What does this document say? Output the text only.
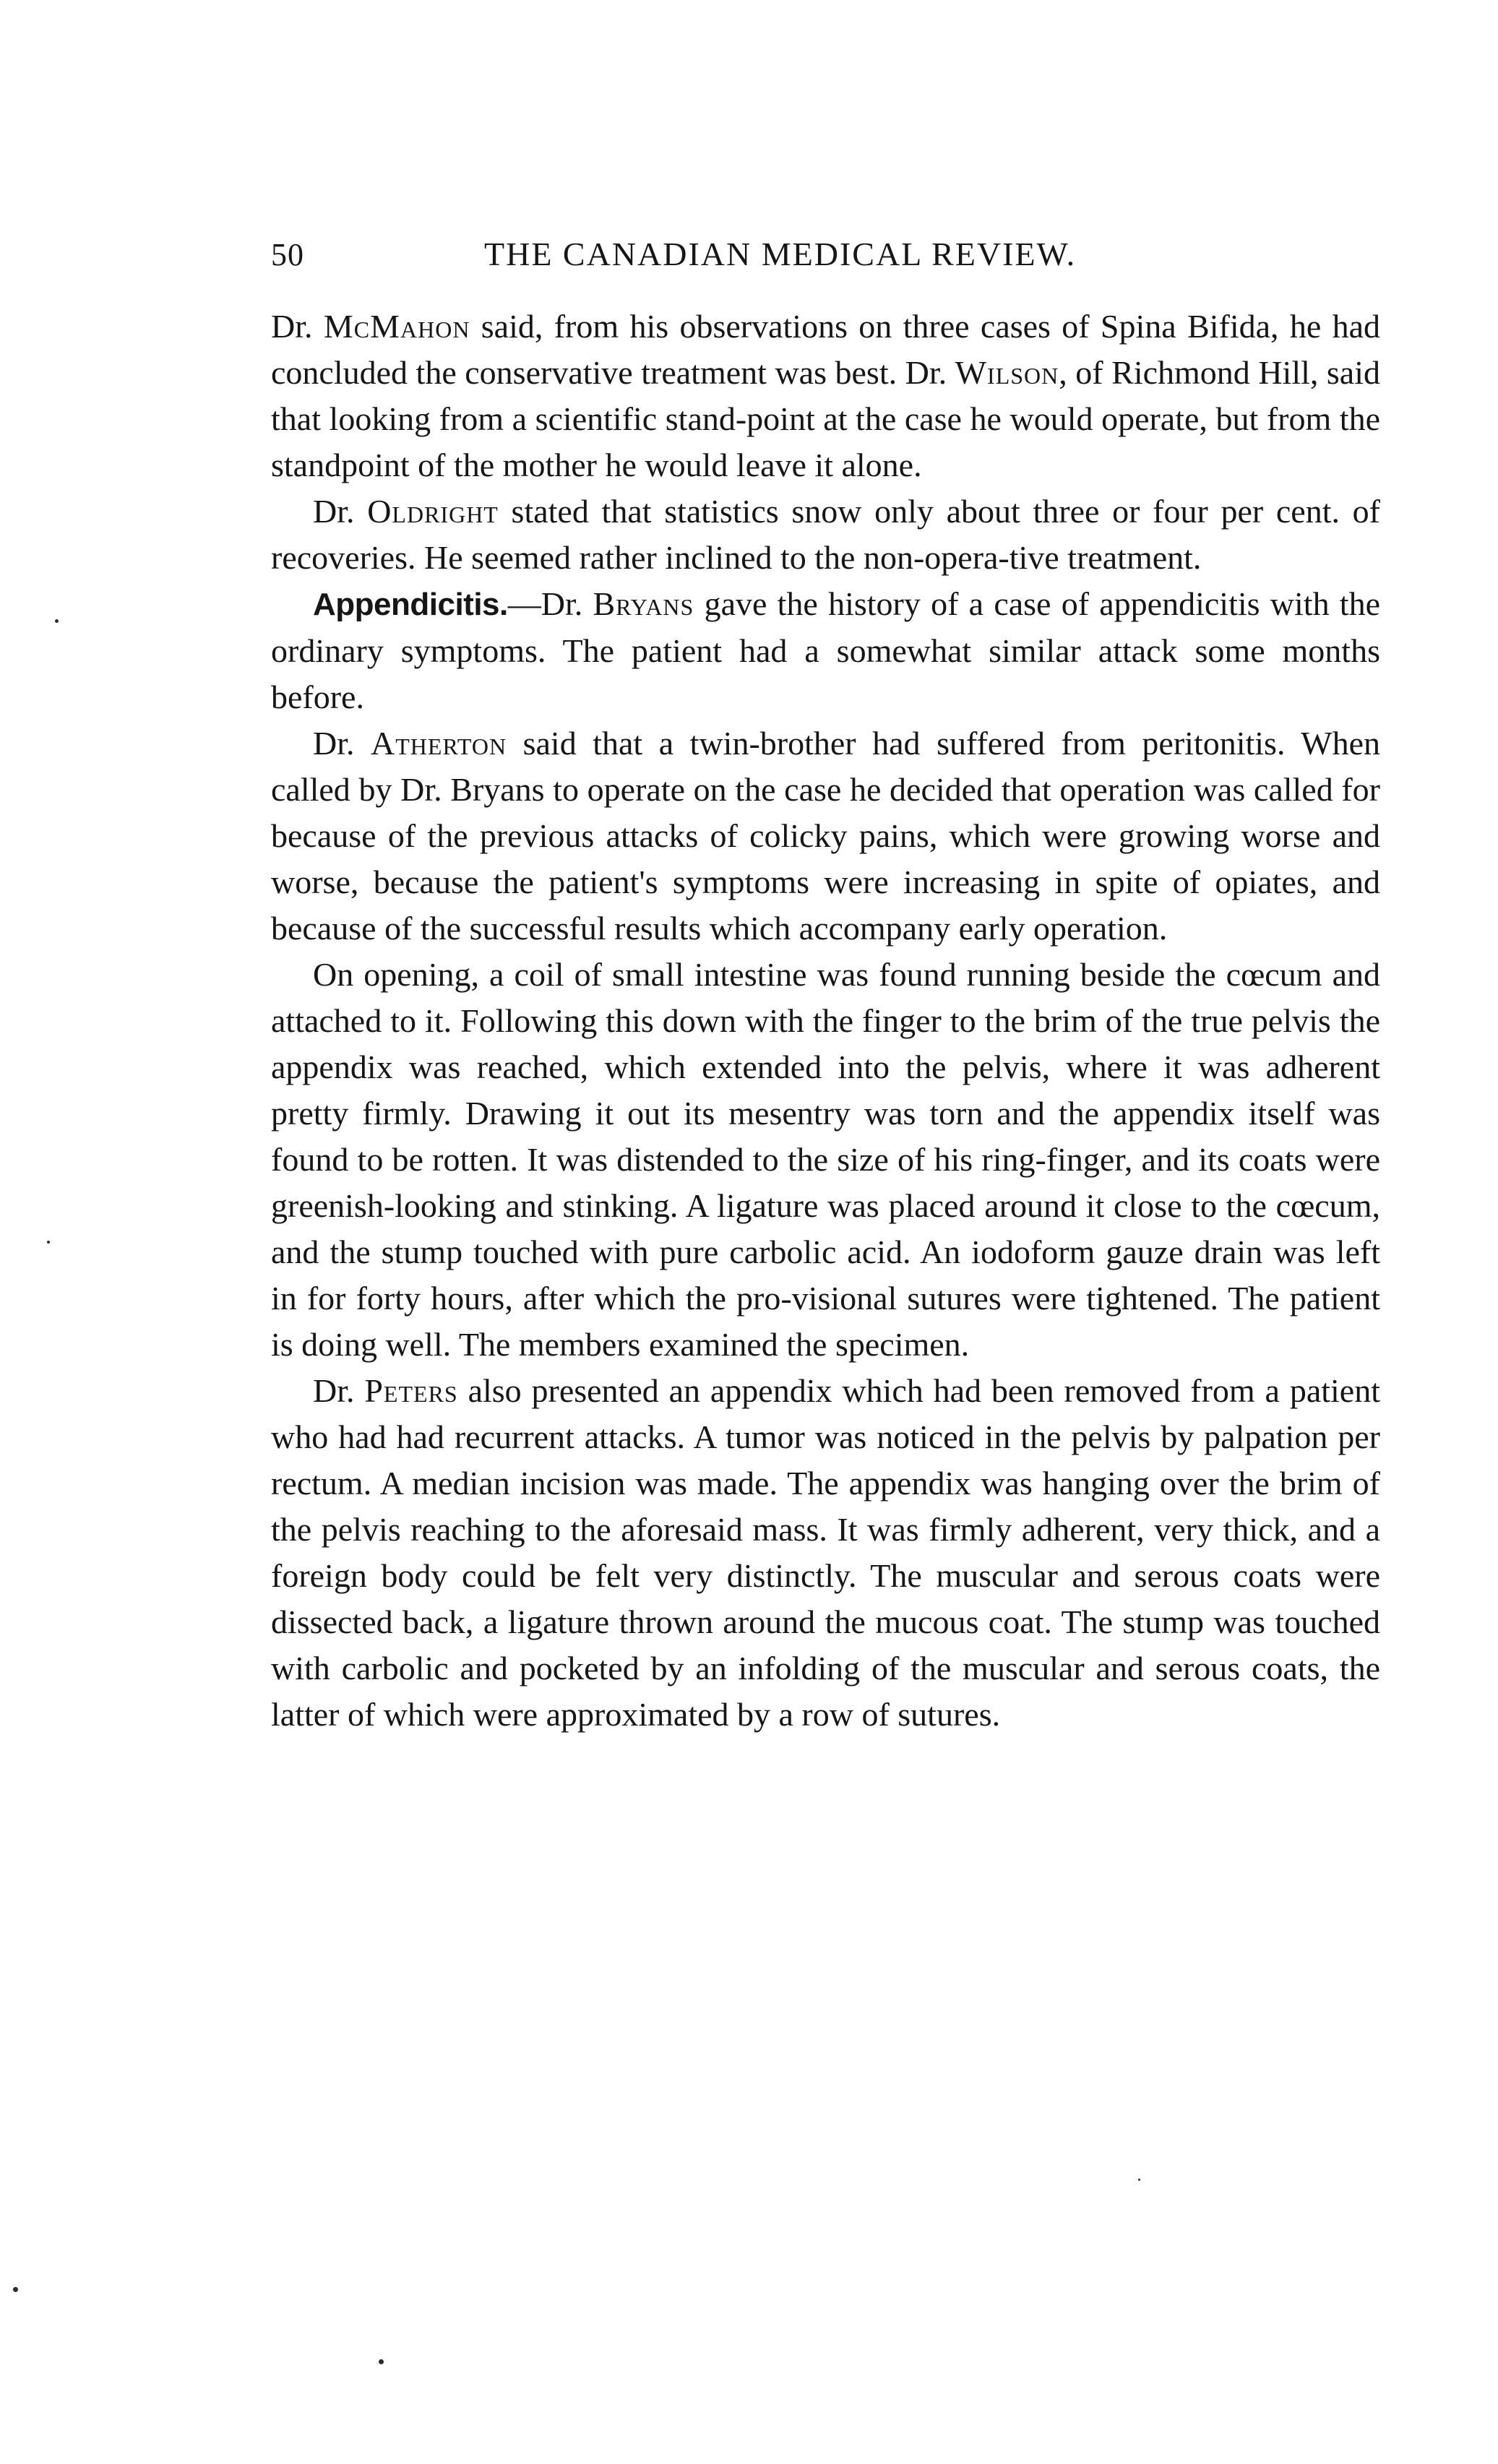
50	THE CANADIAN MEDICAL REVIEW.

Dr. McMahon said, from his observations on three cases of Spina Bifida, he had concluded the conservative treatment was best. Dr. Wilson, of Richmond Hill, said that looking from a scientific stand-point at the case he would operate, but from the standpoint of the mother he would leave it alone.

Dr. Oldright stated that statistics snow only about three or four per cent. of recoveries. He seemed rather inclined to the non-opera-tive treatment.

Appendicitis.—Dr. Bryans gave the history of a case of appendicitis with the ordinary symptoms. The patient had a somewhat similar attack some months before.

Dr. Atherton said that a twin-brother had suffered from peritonitis. When called by Dr. Bryans to operate on the case he decided that operation was called for because of the previous attacks of colicky pains, which were growing worse and worse, because the patient's symptoms were increasing in spite of opiates, and because of the successful results which accompany early operation.

On opening, a coil of small intestine was found running beside the cœcum and attached to it. Following this down with the finger to the brim of the true pelvis the appendix was reached, which extended into the pelvis, where it was adherent pretty firmly. Drawing it out its mesentry was torn and the appendix itself was found to be rotten. It was distended to the size of his ring-finger, and its coats were greenish-looking and stinking. A ligature was placed around it close to the cœcum, and the stump touched with pure carbolic acid. An iodoform gauze drain was left in for forty hours, after which the pro-visional sutures were tightened. The patient is doing well. The members examined the specimen.

Dr. Peters also presented an appendix which had been removed from a patient who had had recurrent attacks. A tumor was noticed in the pelvis by palpation per rectum. A median incision was made. The appendix was hanging over the brim of the pelvis reaching to the aforesaid mass. It was firmly adherent, very thick, and a foreign body could be felt very distinctly. The muscular and serous coats were dissected back, a ligature thrown around the mucous coat. The stump was touched with carbolic and pocketed by an infolding of the muscular and serous coats, the latter of which were approximated by a row of sutures.
